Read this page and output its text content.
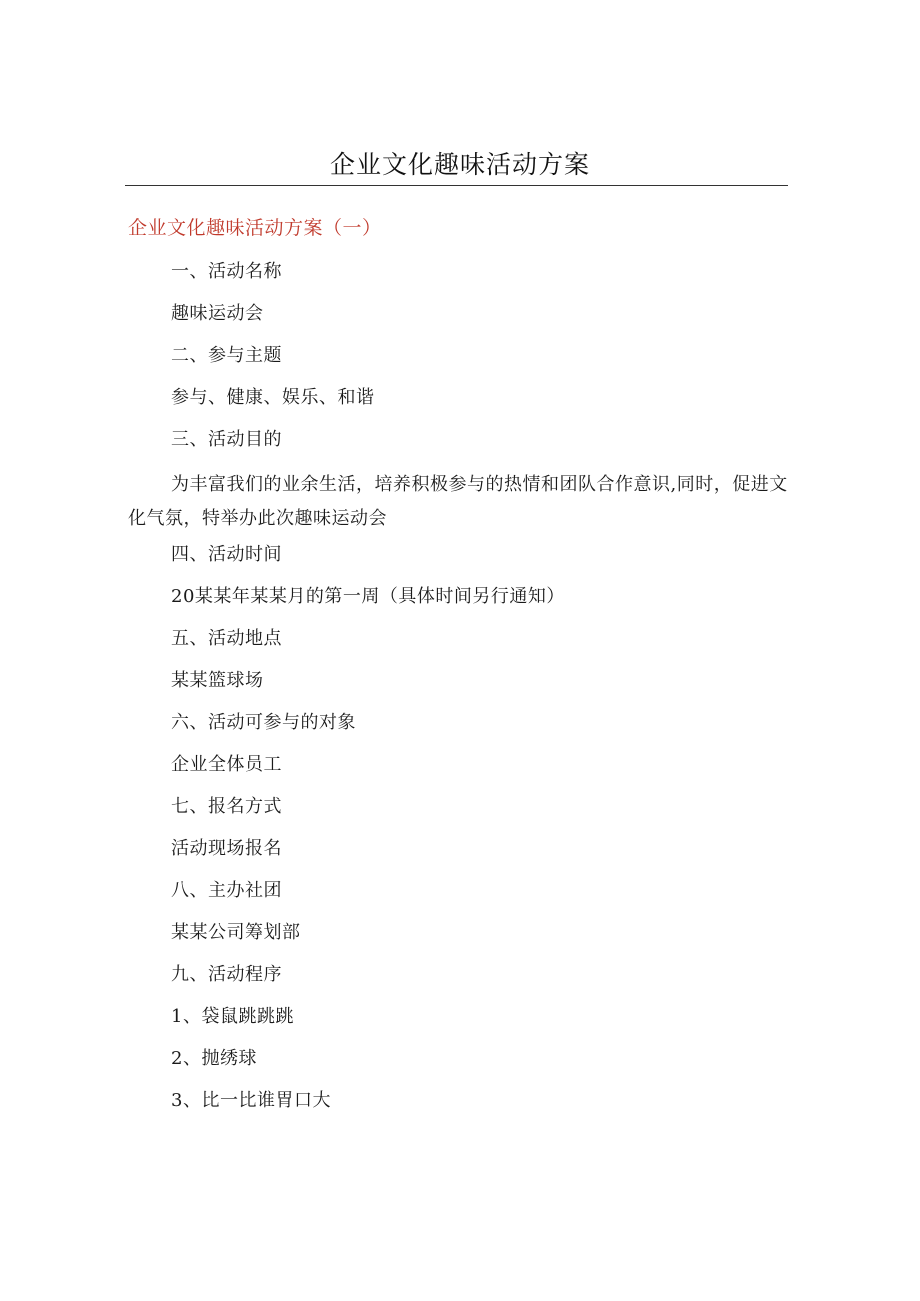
企业文化趣味活动方案
企业文化趣味活动方案（一）
一、活动名称
趣味运动会
二、参与主题
参与、健康、娱乐、和谐
三、活动目的
为丰富我们的业余生活，培养积极参与的热情和团队合作意识,同时，促进文化气氛，特举办此次趣味运动会
四、活动时间
20某某年某某月的第一周（具体时间另行通知）
五、活动地点
某某篮球场
六、活动可参与的对象
企业全体员工
七、报名方式
活动现场报名
八、主办社团
某某公司筹划部
九、活动程序
1、袋鼠跳跳跳
2、抛绣球
3、比一比谁胃口大
